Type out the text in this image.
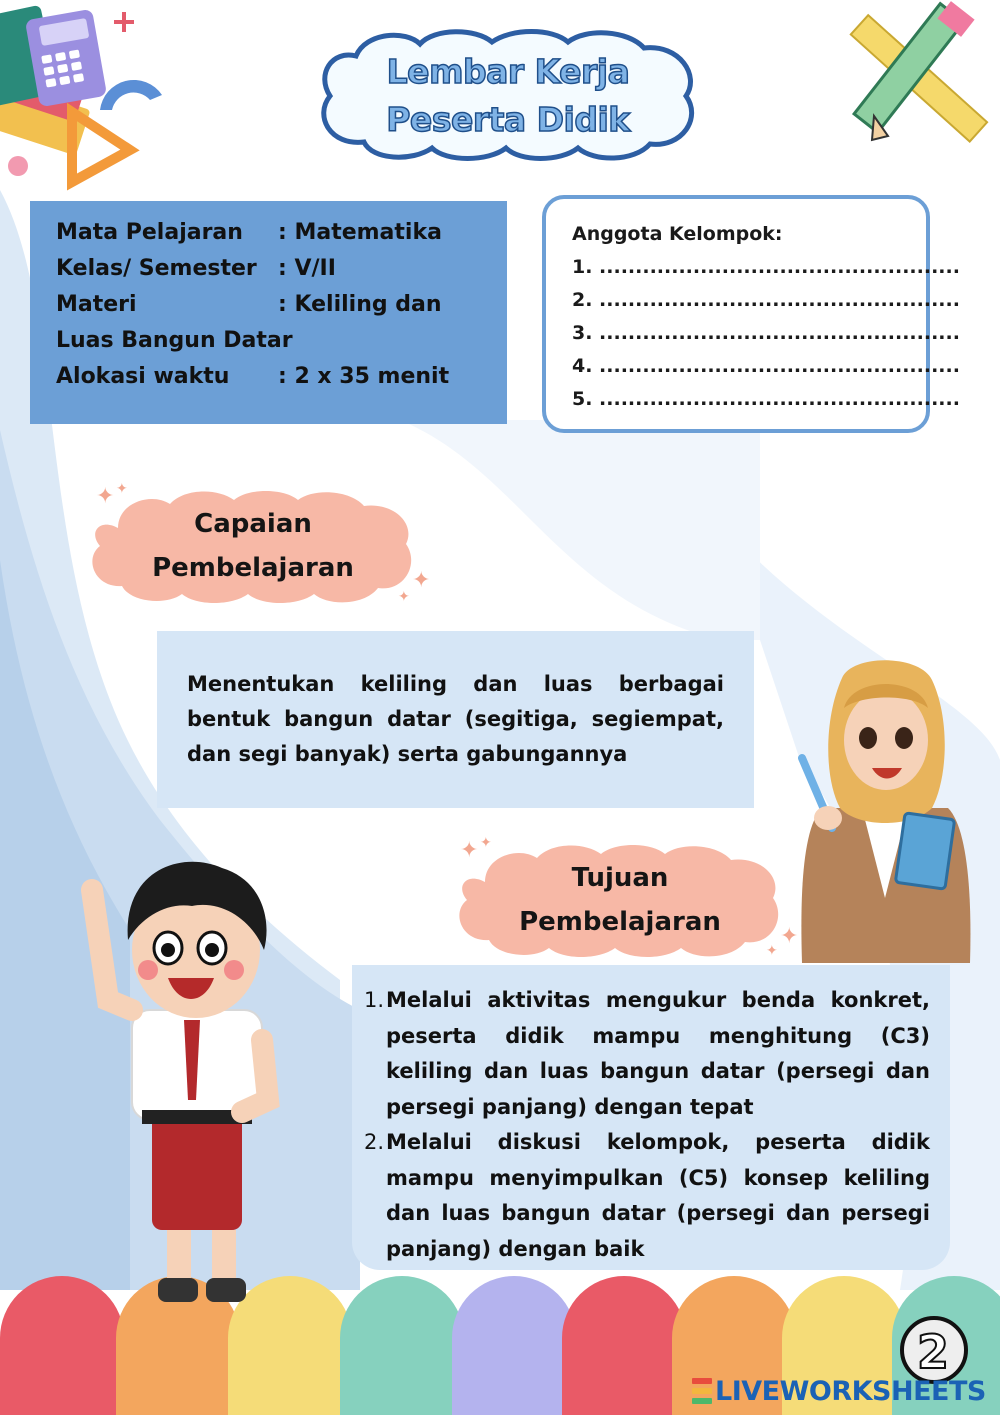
Lembar Kerja
Peserta Didik
Mata Pelajaran	: Matematika
Kelas/ Semester : V/II
Materi	: Keliling dan
Luas Bangun Datar
Alokasi waktu	: 2 x 35 menit
Anggota Kelompok:
1. ..................................................
2. ..................................................
3. ..................................................
4. ..................................................
5. ..................................................
Capaian
Pembelajaran
✦ ✦
✦
✦

Menentukan keliling dan luas berbagai bentuk bangun datar (segitiga, segiempat, dan segi banyak) serta gabungannya

Tujuan
Pembelajaran
✦ ✦
✦
✦
1. Melalui aktivitas mengukur benda konkret, peserta didik mampu menghitung (C3) keliling dan luas bangun datar (persegi dan persegi panjang) dengan tepat
2. Melalui diskusi kelompok, peserta didik mampu menyimpulkan (C5) konsep keliling dan luas bangun datar (persegi dan persegi panjang) dengan baik
2
LIVEWORKSHEETS
